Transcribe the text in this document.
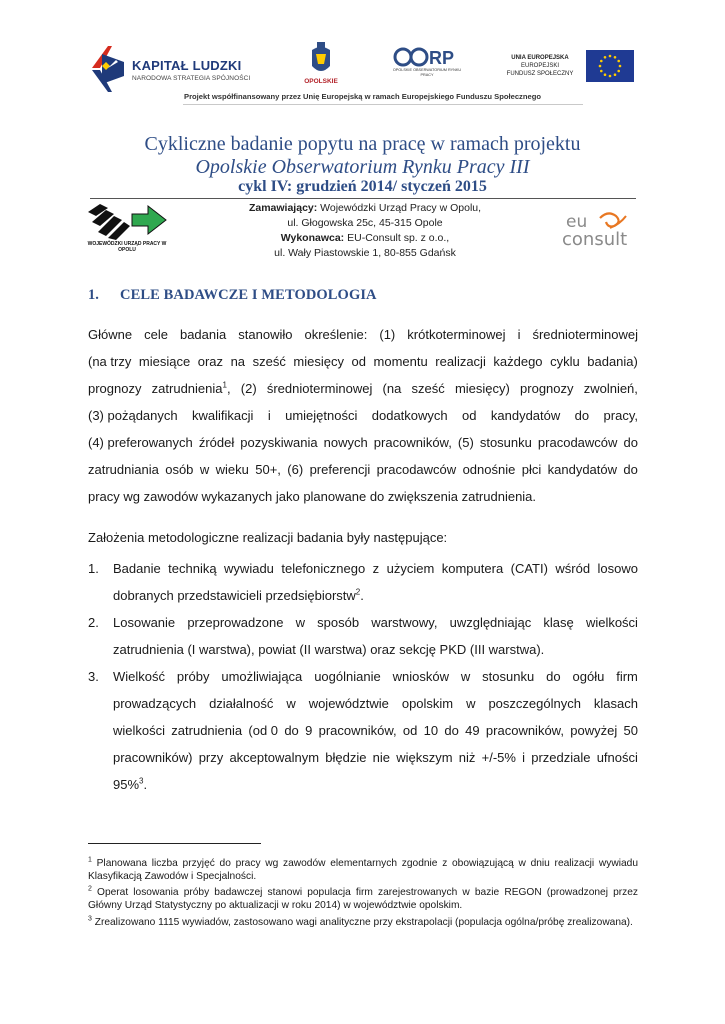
KAPITAŁ LUDZKI
NARODOWA STRATEGIA SPÓJNOŚCI	OPOLSKIE
RP
OPOLSKIE OBSERWATORIUM RYNKU PRACY
UNIA EUROPEJSKA
EUROPEJSKI
FUNDUSZ SPOŁECZNY
Projekt współfinansowany przez Unię Europejską w ramach Europejskiego Funduszu Społecznego
Cykliczne badanie popytu na pracę w ramach projektu
Opolskie Obserwatorium Rynku Pracy III
cykl IV: grudzień 2014/ styczeń 2015
WOJEWÓDZKI URZĄD PRACY W OPOLU
Zamawiający: Wojewódzki Urząd Pracy w Opolu,
ul. Głogowska 25c, 45-315 Opole
Wykonawca: EU-Consult sp. z o.o.,
ul. Wały Piastowskie 1, 80-855 Gdańsk
eu
consult
1. CELE BADAWCZE I METODOLOGIA
Główne cele badania stanowiło określenie: (1) krótkoterminowej i średnioterminowej
(na trzy miesiące oraz na sześć miesięcy od momentu realizacji każdego cyklu badania)
prognozy zatrudnienia$^1$, (2) średnioterminowej (na sześć miesięcy) prognozy zwolnień,
(3) pożądanych kwalifikacji i umiejętności dodatkowych od kandydatów do pracy,
(4) preferowanych źródeł pozyskiwania nowych pracowników, (5) stosunku pracodawców do
zatrudniania osób w wieku 50+, (6) preferencji pracodawców odnośnie płci kandydatów do
pracy wg zawodów wykazanych jako planowane do zwiększenia zatrudnienia.
Założenia metodologiczne realizacji badania były następujące:
1. Badanie techniką wywiadu telefonicznego z użyciem komputera (CATI) wśród losowo
dobranych przedstawicieli przedsiębiorstw$^2$.
2. Losowanie przeprowadzone w sposób warstwowy, uwzględniając klasę wielkości
zatrudnienia (I warstwa), powiat (II warstwa) oraz sekcję PKD (III warstwa).
3. Wielkość próby umożliwiająca uogólnianie wniosków w stosunku do ogółu firm
prowadzących działalność w województwie opolskim w poszczególnych klasach
wielkości zatrudnienia (od 0 do 9 pracowników, od 10 do 49 pracowników, powyżej 50
pracowników) przy akceptowalnym błędzie nie większym niż +/-5% i przedziale ufności
95%$^3$.
$^1$ Planowana liczba przyjęć do pracy wg zawodów elementarnych zgodnie z obowiązującą w dniu realizacji wywiadu Klasyfikacją Zawodów i Specjalności.
$^2$ Operat losowania próby badawczej stanowi populacja firm zarejestrowanych w bazie REGON (prowadzonej przez Główny Urząd Statystyczny po aktualizacji w roku 2014) w województwie opolskim.
$^3$ Zrealizowano 1115 wywiadów, zastosowano wagi analityczne przy ekstrapolacji (populacja ogólna/próbę zrealizowana).
